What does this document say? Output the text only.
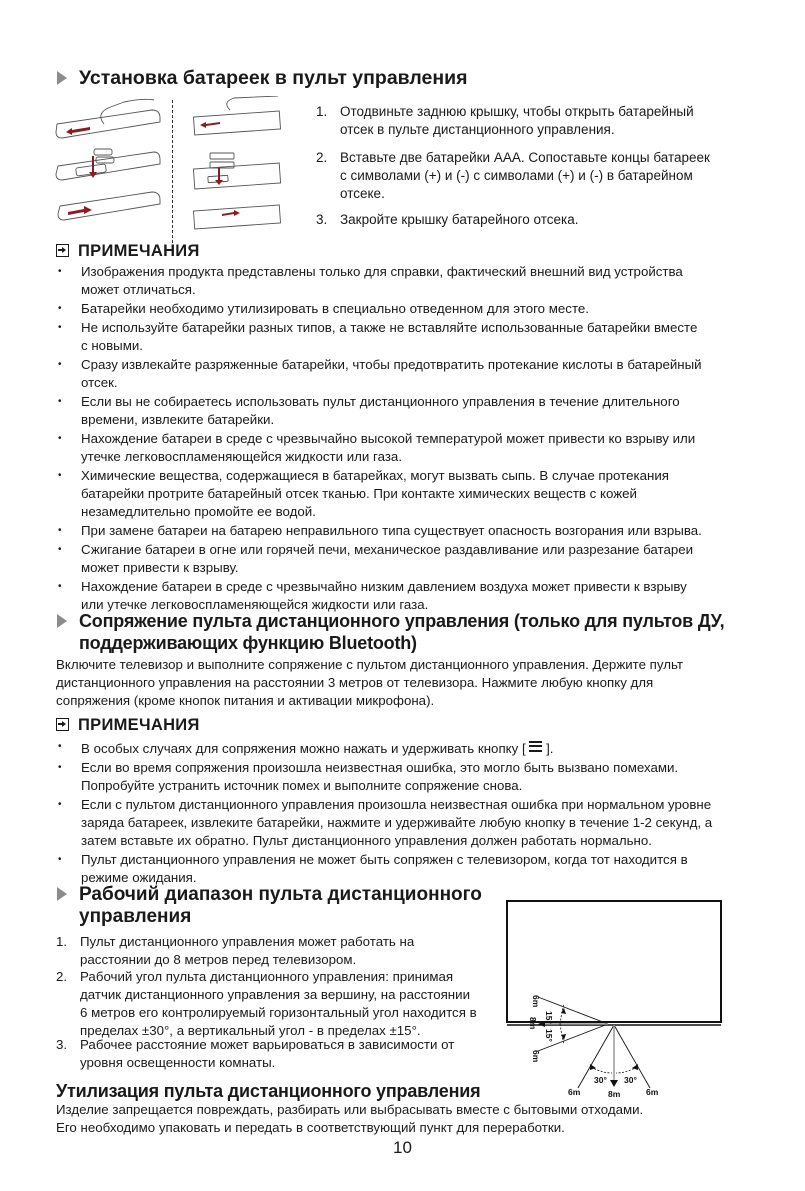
Установка батареек в пульт управления
1. Отодвиньте заднюю крышку, чтобы открыть батарейный
отсек в пульте дистанционного управления.
2. Вставьте две батарейки ААА. Сопоставьте концы батареек
с символами (+) и (-) с символами (+) и (-) в батарейном
отсеке.
3. Закройте крышку батарейного отсека.
ПРИМЕЧАНИЯ
• Изображения продукта представлены только для справки, фактический внешний вид устройства
может отличаться.
• Батарейки необходимо утилизировать в специально отведенном для этого месте.
• Не используйте батарейки разных типов, а также не вставляйте использованные батарейки вместе
с новыми.
• Сразу извлекайте разряженные батарейки, чтобы предотвратить протекание кислоты в батарейный
отсек.
• Если вы не собираетесь использовать пульт дистанционного управления в течение длительного
времени, извлеките батарейки.
• Нахождение батареи в среде с чрезвычайно высокой температурой может привести ко взрыву или
утечке легковоспламеняющейся жидкости или газа.
• Химические вещества, содержащиеся в батарейках, могут вызвать сыпь. В случае протекания
батарейки протрите батарейный отсек тканью. При контакте химических веществ с кожей
незамедлительно промойте ее водой.
• При замене батареи на батарею неправильного типа существует опасность возгорания или взрыва.
• Сжигание батареи в огне или горячей печи, механическое раздавливание или разрезание батареи
может привести к взрыву.
• Нахождение батареи в среде с чрезвычайно низким давлением воздуха может привести к взрыву
или утечке легковоспламеняющейся жидкости или газа.
Сопряжение пульта дистанционного управления (только для пультов ДУ,
поддерживающих функцию Bluetooth)
Включите телевизор и выполните сопряжение с пультом дистанционного управления. Держите пульт
дистанционного управления на расстоянии 3 метров от телевизора. Нажмите любую кнопку для
сопряжения (кроме кнопок питания и активации микрофона).
ПРИМЕЧАНИЯ
• В особых случаях для сопряжения можно нажать и удерживать кнопку [ ].
• Если во время сопряжения произошла неизвестная ошибка, это могло быть вызвано помехами.
Попробуйте устранить источник помех и выполните сопряжение снова.
• Если с пультом дистанционного управления произошла неизвестная ошибка при нормальном уровне
заряда батареек, извлеките батарейки, нажмите и удерживайте любую кнопку в течение 1-2 секунд, а
затем вставьте их обратно. Пульт дистанционного управления должен работать нормально.
• Пульт дистанционного управления не может быть сопряжен с телевизором, когда тот находится в
режиме ожидания.
Рабочий диапазон пульта дистанционного
управления
1. Пульт дистанционного управления может работать на
расстоянии до 8 метров перед телевизором.
2. Рабочий угол пульта дистанционного управления: принимая
датчик дистанционного управления за вершину, на расстоянии
6 метров его контролируемый горизонтальный угол находится в
пределах ±30°, а вертикальный угол - в пределах ±15°.
3. Рабочее расстояние может варьироваться в зависимости от
уровня освещенности комнаты.
6m
15°
8m
15°
6m
30° 30°
6m	8m	6m
Утилизация пульта дистанционного управления
Изделие запрещается повреждать, разбирать или выбрасывать вместе с бытовыми отходами.
Его необходимо упаковать и передать в соответствующий пункт для переработки.
10
